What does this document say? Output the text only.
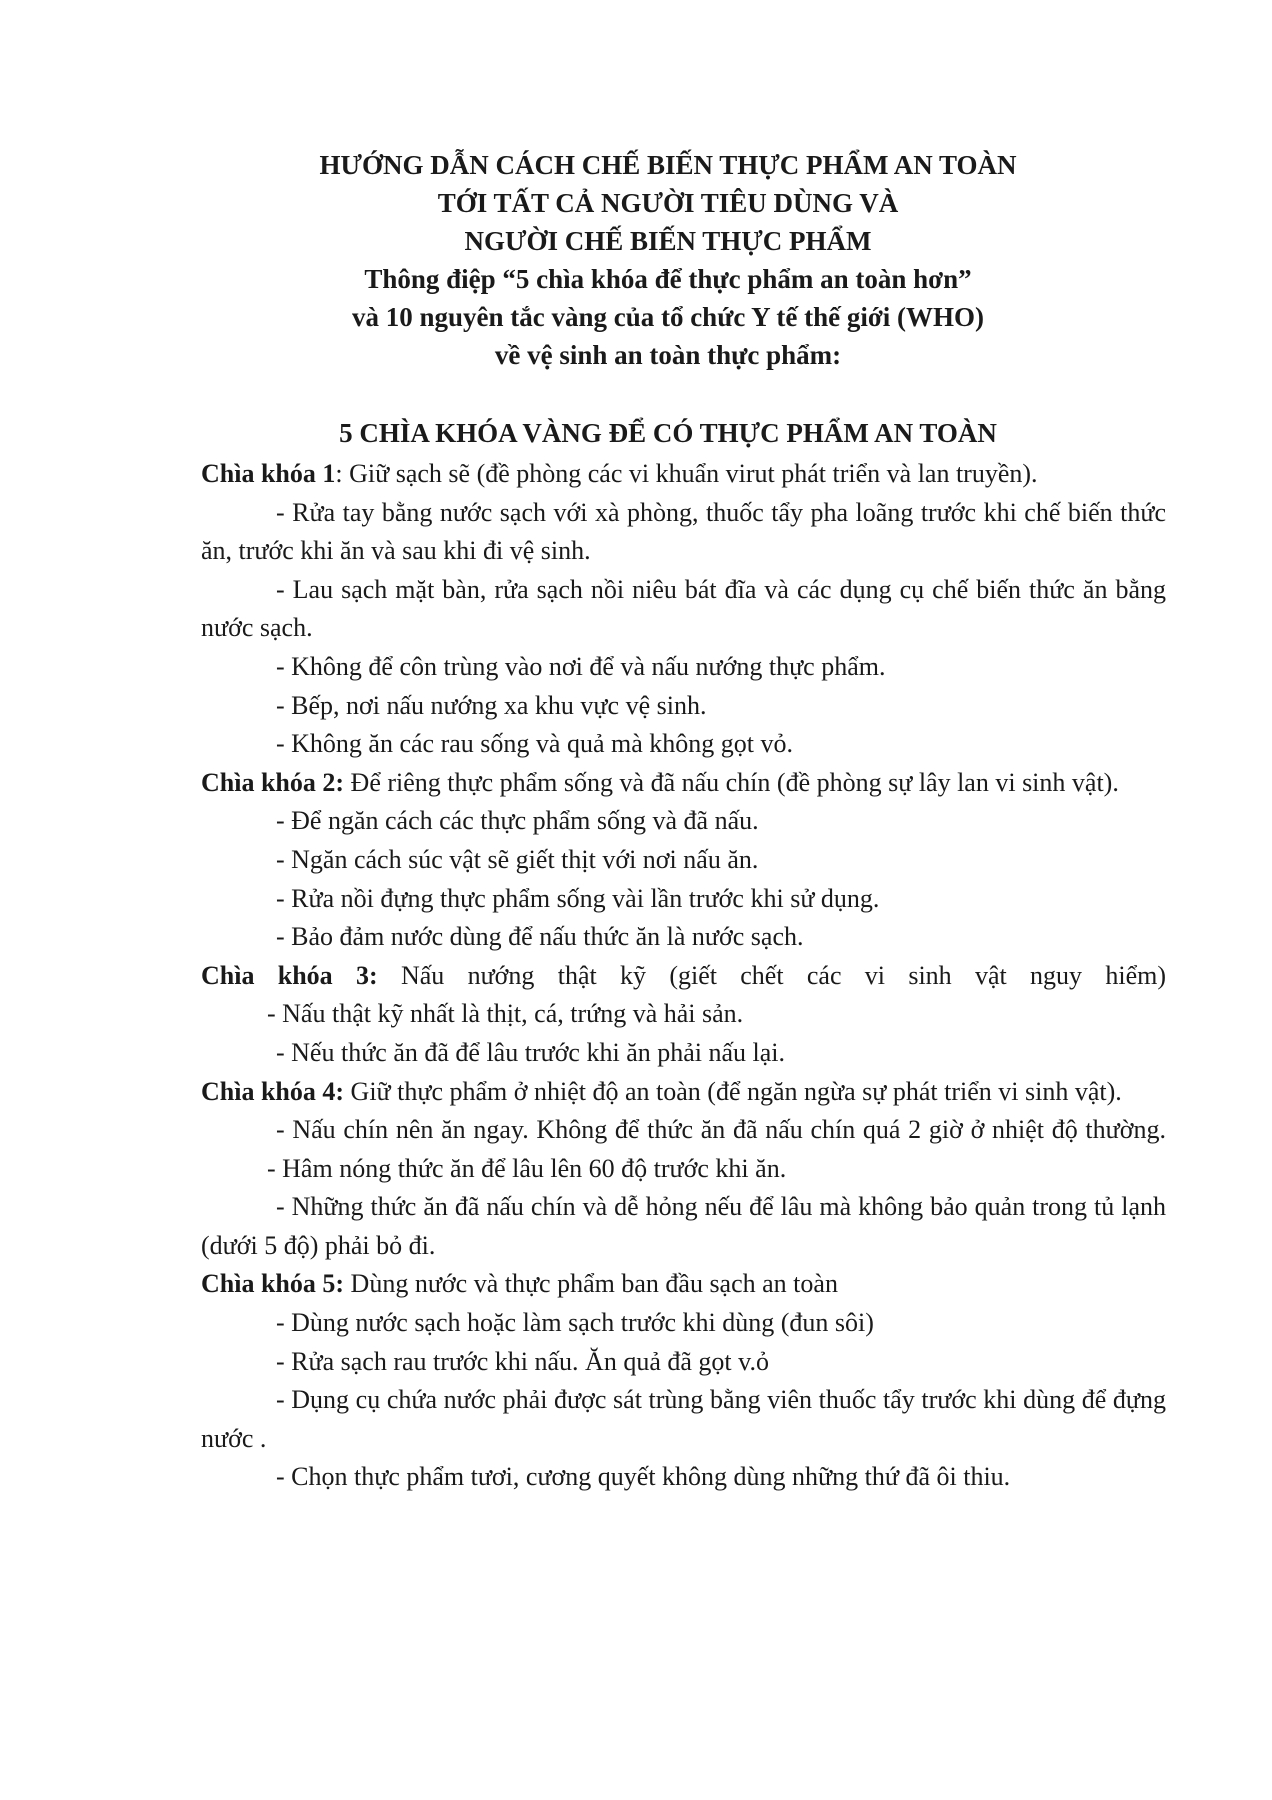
HƯỚNG DẪN CÁCH CHẾ BIẾN THỰC PHẨM AN TOÀN
TỚI TẤT CẢ NGƯỜI TIÊU DÙNG VÀ
NGƯỜI CHẾ BIẾN THỰC PHẨM
Thông điệp “5 chìa khóa để thực phẩm an toàn hơn”
và 10 nguyên tắc vàng của tổ chức Y tế thế giới (WHO)
về vệ sinh an toàn thực phẩm:
5 CHÌA KHÓA VÀNG ĐỂ CÓ THỰC PHẨM AN TOÀN

Chìa khóa 1: Giữ sạch sẽ (đề phòng các vi khuẩn virut phát triển và lan truyền).

- Rửa tay bằng nước sạch với xà phòng, thuốc tẩy pha loãng trước khi chế biến thức ăn, trước khi ăn và sau khi đi vệ sinh.

- Lau sạch mặt bàn, rửa sạch nồi niêu bát đĩa và các dụng cụ chế biến thức ăn bằng nước sạch.

- Không để côn trùng vào nơi để và nấu nướng thực phẩm.

- Bếp, nơi nấu nướng xa khu vực vệ sinh.

- Không ăn các rau sống và quả mà không gọt vỏ.

Chìa khóa 2: Để riêng thực phẩm sống và đã nấu chín (đề phòng sự lây lan vi sinh vật).

- Để ngăn cách các thực phẩm sống và đã nấu.

- Ngăn cách súc vật sẽ giết thịt với nơi nấu ăn.

- Rửa nồi đựng thực phẩm sống vài lần trước khi sử dụng.

- Bảo đảm nước dùng để nấu thức ăn là nước sạch.

Chìa khóa 3: Nấu nướng thật kỹ (giết chết các vi sinh vật nguy hiểm)

- Nấu thật kỹ nhất là thịt, cá, trứng và hải sản.

- Nếu thức ăn đã để lâu trước khi ăn phải nấu lại.

Chìa khóa 4: Giữ thực phẩm ở nhiệt độ an toàn (để ngăn ngừa sự phát triển vi sinh vật).

- Nấu chín nên ăn ngay. Không để thức ăn đã nấu chín quá 2 giờ ở nhiệt độ thường.

- Hâm nóng thức ăn để lâu lên 60 độ trước khi ăn.

- Những thức ăn đã nấu chín và dễ hỏng nếu để lâu mà không bảo quản trong tủ lạnh (dưới 5 độ) phải bỏ đi.

Chìa khóa 5: Dùng nước và thực phẩm ban đầu sạch an toàn

- Dùng nước sạch hoặc làm sạch trước khi dùng (đun sôi)

- Rửa sạch rau trước khi nấu. Ăn quả đã gọt v.ỏ

- Dụng cụ chứa nước phải được sát trùng bằng viên thuốc tẩy trước khi dùng để đựng nước .

- Chọn thực phẩm tươi, cương quyết không dùng những thứ đã ôi thiu.
